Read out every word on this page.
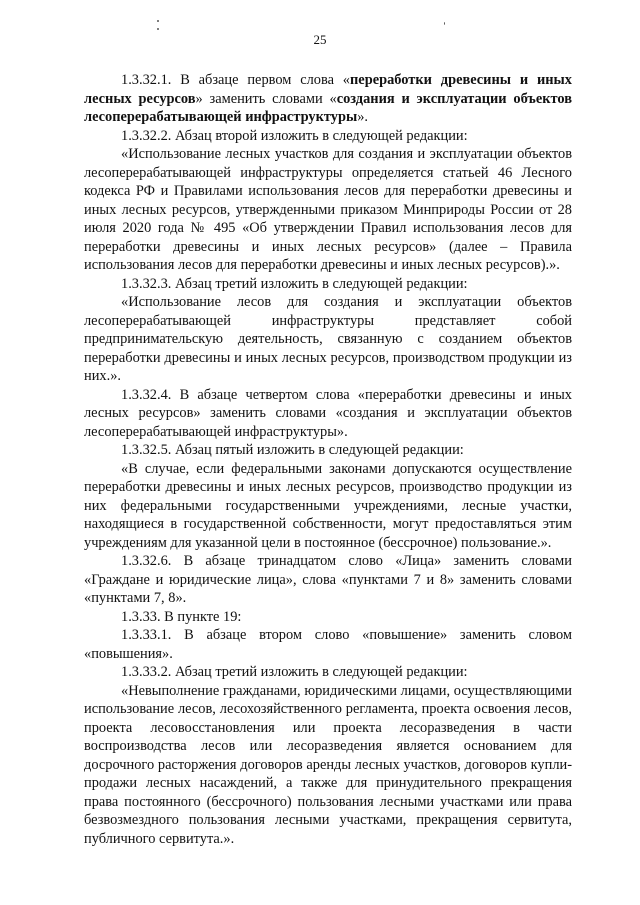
25

1.3.32.1. В абзаце первом слова «переработки древесины и иных лесных ресурсов» заменить словами «создания и эксплуатации объектов лесоперерабатывающей инфраструктуры».

1.3.32.2. Абзац второй изложить в следующей редакции:

«Использование лесных участков для создания и эксплуатации объектов лесоперерабатывающей инфраструктуры определяется статьей 46 Лесного кодекса РФ и Правилами использования лесов для переработки древесины и иных лесных ресурсов, утвержденными приказом Минприроды России от 28 июля 2020 года № 495 «Об утверждении Правил использования лесов для переработки древесины и иных лесных ресурсов» (далее – Правила использования лесов для переработки древесины и иных лесных ресурсов).».

1.3.32.3. Абзац третий изложить в следующей редакции:

«Использование лесов для создания и эксплуатации объектов лесоперерабатывающей инфраструктуры представляет собой предпринимательскую деятельность, связанную с созданием объектов переработки древесины и иных лесных ресурсов, производством продукции из них.».

1.3.32.4. В абзаце четвертом слова «переработки древесины и иных лесных ресурсов» заменить словами «создания и эксплуатации объектов лесоперерабатывающей инфраструктуры».

1.3.32.5. Абзац пятый изложить в следующей редакции:

«В случае, если федеральными законами допускаются осуществление переработки древесины и иных лесных ресурсов, производство продукции из них федеральными государственными учреждениями, лесные участки, находящиеся в государственной собственности, могут предоставляться этим учреждениям для указанной цели в постоянное (бессрочное) пользование.».

1.3.32.6. В абзаце тринадцатом слово «Лица» заменить словами «Граждане и юридические лица», слова «пунктами 7 и 8» заменить словами «пунктами 7, 8».

1.3.33. В пункте 19:

1.3.33.1. В абзаце втором слово «повышение» заменить словом «повышения».

1.3.33.2. Абзац третий изложить в следующей редакции:

«Невыполнение гражданами, юридическими лицами, осуществляющими использование лесов, лесохозяйственного регламента, проекта освоения лесов, проекта лесовосстановления или проекта лесоразведения в части воспроизводства лесов или лесоразведения является основанием для досрочного расторжения договоров аренды лесных участков, договоров купли-продажи лесных насаждений, а также для принудительного прекращения права постоянного (бессрочного) пользования лесными участками или права безвозмездного пользования лесными участками, прекращения сервитута, публичного сервитута.».
